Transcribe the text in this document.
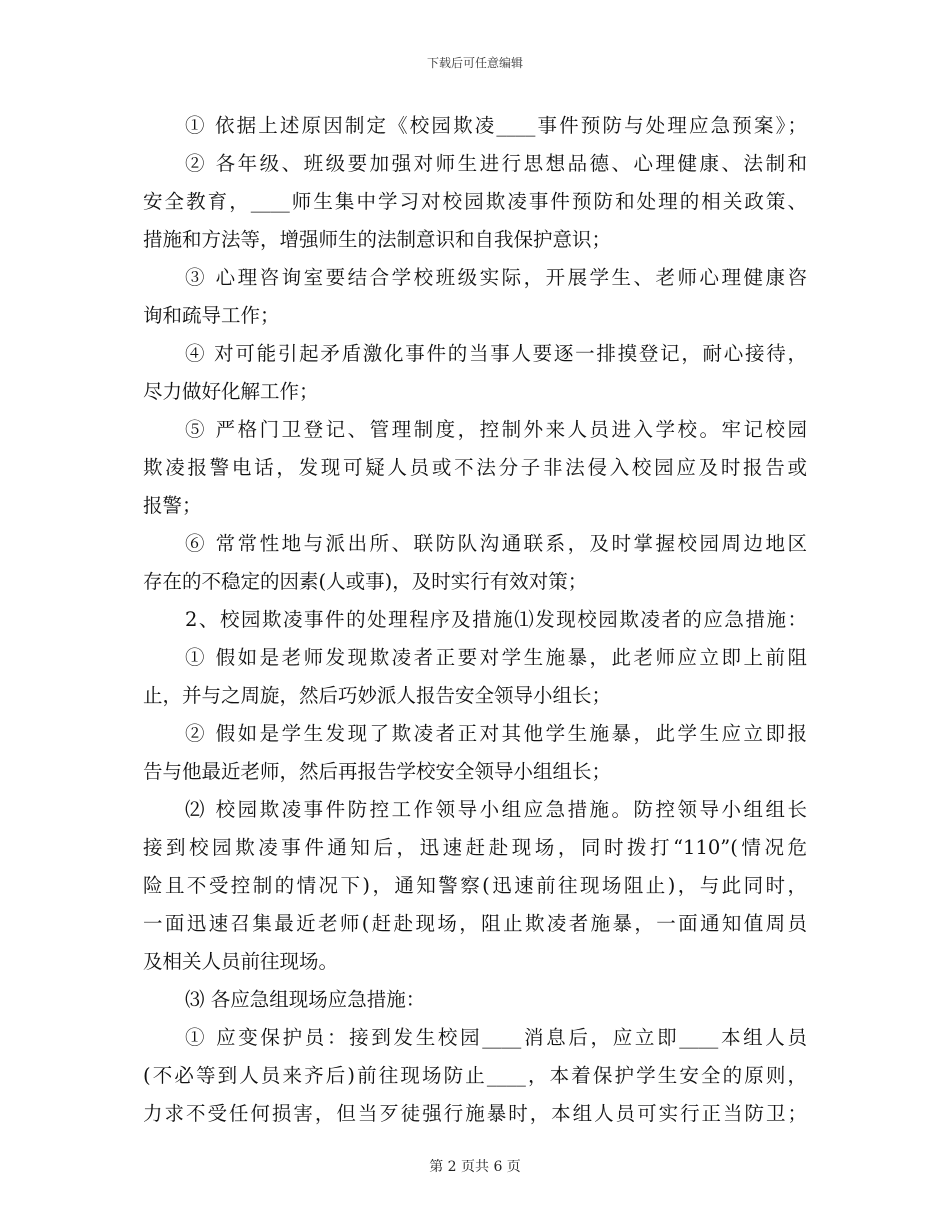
下载后可任意编辑
① 依据上述原因制定《校园欺凌____事件预防与处理应急预案》；
② 各年级、班级要加强对师生进行思想品德、心理健康、法制和
安全教育，____师生集中学习对校园欺凌事件预防和处理的相关政策、
措施和方法等，增强师生的法制意识和自我保护意识；
③ 心理咨询室要结合学校班级实际，开展学生、老师心理健康咨
询和疏导工作；
④ 对可能引起矛盾激化事件的当事人要逐一排摸登记，耐心接待，
尽力做好化解工作；
⑤ 严格门卫登记、管理制度，控制外来人员进入学校。牢记校园
欺凌报警电话，发现可疑人员或不法分子非法侵入校园应及时报告或
报警；
⑥ 常常性地与派出所、联防队沟通联系，及时掌握校园周边地区
存在的不稳定的因素(人或事)，及时实行有效对策；
2、校园欺凌事件的处理程序及措施⑴发现校园欺凌者的应急措施：
① 假如是老师发现欺凌者正要对学生施暴，此老师应立即上前阻
止，并与之周旋，然后巧妙派人报告安全领导小组长；
② 假如是学生发现了欺凌者正对其他学生施暴，此学生应立即报
告与他最近老师，然后再报告学校安全领导小组组长；
⑵ 校园欺凌事件防控工作领导小组应急措施。防控领导小组组长
接到校园欺凌事件通知后，迅速赶赴现场，同时拨打“110”(情况危
险且不受控制的情况下)，通知警察(迅速前往现场阻止)，与此同时，
一面迅速召集最近老师(赶赴现场，阻止欺凌者施暴，一面通知值周员
及相关人员前往现场。
⑶ 各应急组现场应急措施：
① 应变保护员：接到发生校园____消息后，应立即____本组人员
(不必等到人员来齐后)前往现场防止____，本着保护学生安全的原则，
力求不受任何损害，但当歹徒强行施暴时，本组人员可实行正当防卫；
第 2 页共 6 页
